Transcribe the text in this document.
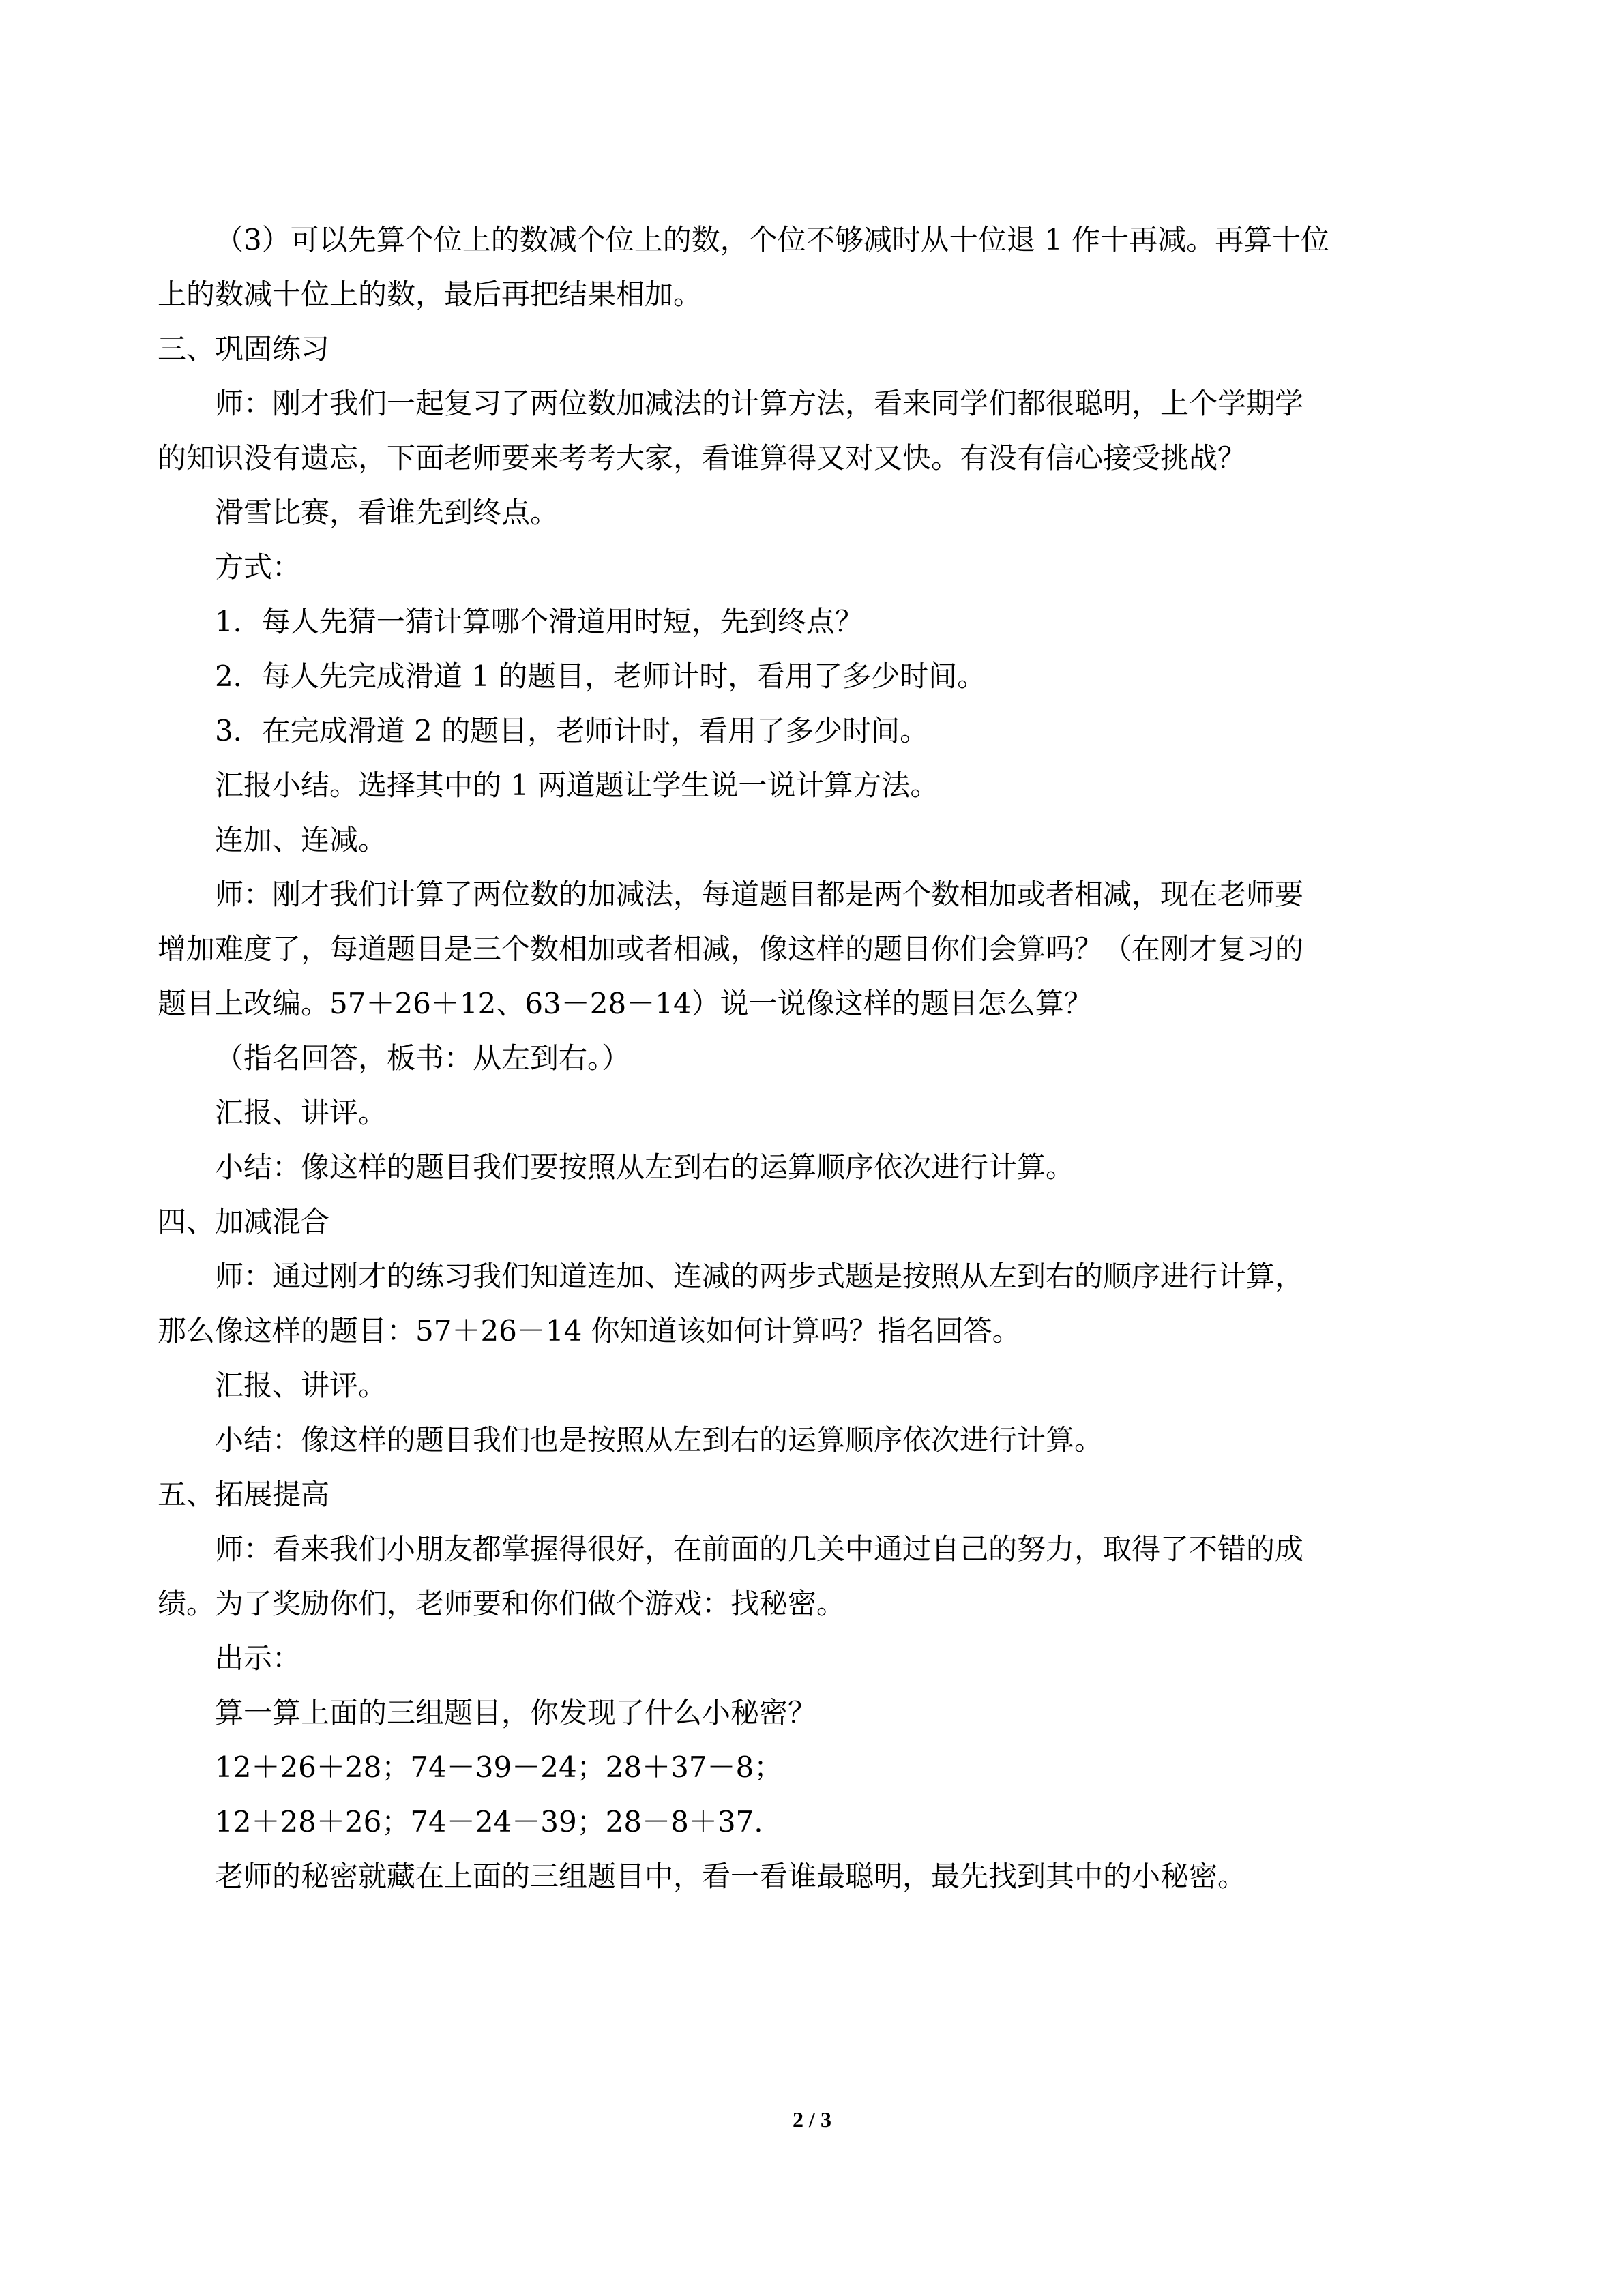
（3）可以先算个位上的数减个位上的数，个位不够减时从十位退 1 作十再减。再算十位

上的数减十位上的数，最后再把结果相加。

三、巩固练习

师：刚才我们一起复习了两位数加减法的计算方法，看来同学们都很聪明，上个学期学

的知识没有遗忘，下面老师要来考考大家，看谁算得又对又快。有没有信心接受挑战？

滑雪比赛，看谁先到终点。

方式：

1．每人先猜一猜计算哪个滑道用时短，先到终点？

2．每人先完成滑道 1 的题目，老师计时，看用了多少时间。

3．在完成滑道 2 的题目，老师计时，看用了多少时间。

汇报小结。选择其中的 1 两道题让学生说一说计算方法。

连加、连减。

师：刚才我们计算了两位数的加减法，每道题目都是两个数相加或者相减，现在老师要

增加难度了，每道题目是三个数相加或者相减，像这样的题目你们会算吗？（在刚才复习的

题目上改编。57＋26＋12、63－28－14）说一说像这样的题目怎么算？

（指名回答，板书：从左到右。）

汇报、讲评。

小结：像这样的题目我们要按照从左到右的运算顺序依次进行计算。

四、加减混合

师：通过刚才的练习我们知道连加、连减的两步式题是按照从左到右的顺序进行计算，

那么像这样的题目：57＋26－14 你知道该如何计算吗？指名回答。

汇报、讲评。

小结：像这样的题目我们也是按照从左到右的运算顺序依次进行计算。

五、拓展提高

师：看来我们小朋友都掌握得很好，在前面的几关中通过自己的努力，取得了不错的成

绩。为了奖励你们，老师要和你们做个游戏：找秘密。

出示：

算一算上面的三组题目，你发现了什么小秘密？

12＋26＋28；74－39－24；28＋37－8；

12＋28＋26；74－24－39；28－8＋37.

老师的秘密就藏在上面的三组题目中，看一看谁最聪明，最先找到其中的小秘密。

2 / 3
